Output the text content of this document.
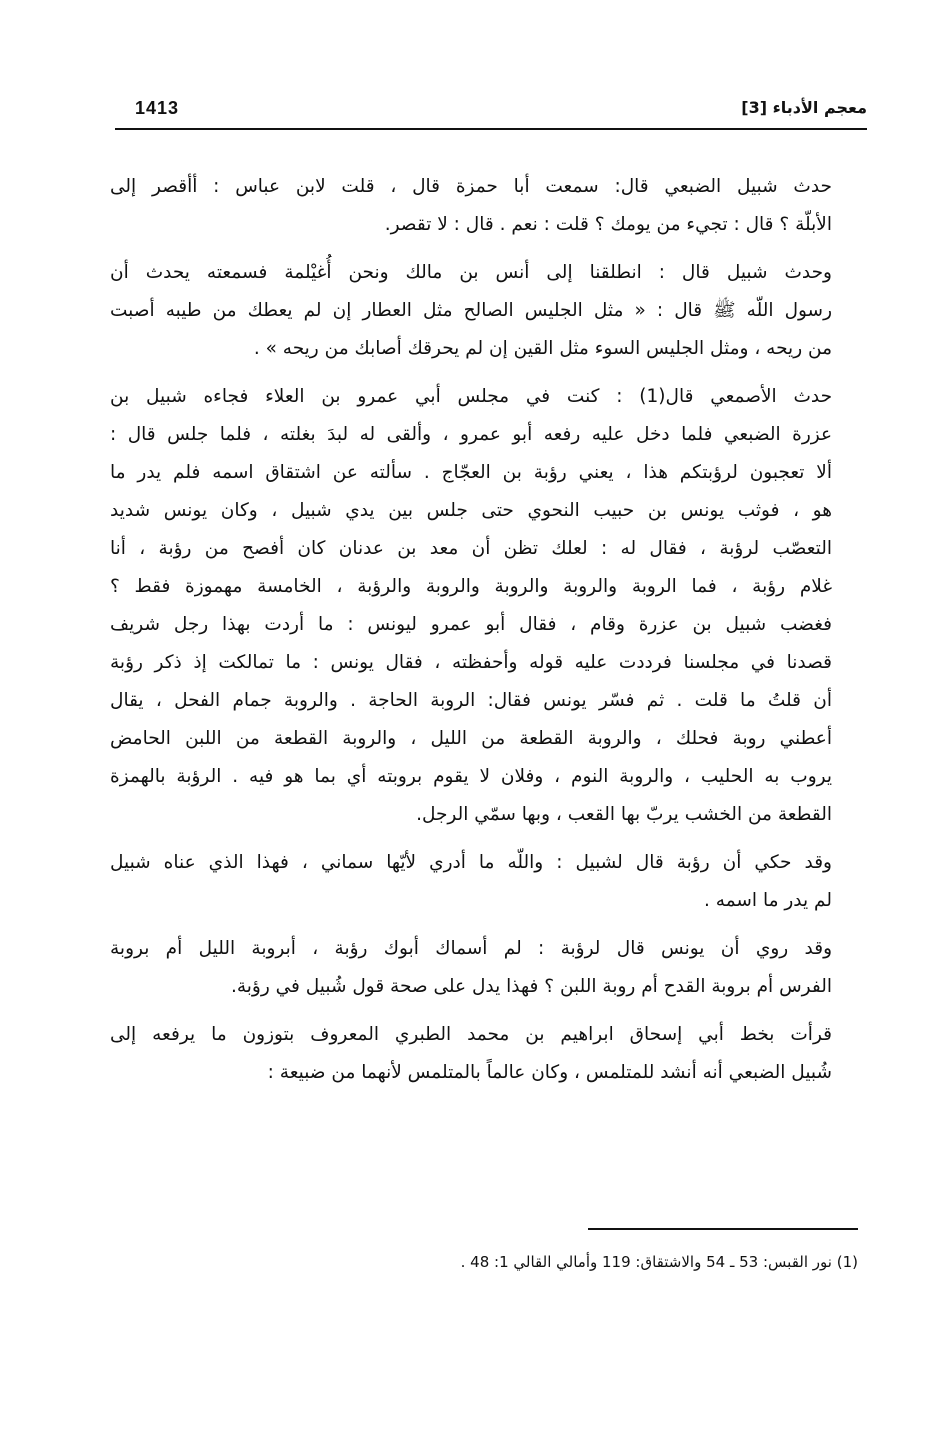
1413	معجم الأدباء [3]
حدث شبيل الضبعي قال: سمعت أبا حمزة قال ، قلت لابن عباس : أأقصر إلى
الأبلّة ؟ قال : تجيء من يومك ؟ قلت : نعم . قال : لا تقصر.
وحدث شبيل قال : انطلقنا إلى أنس بن مالك ونحن أُغيْلمة فسمعته يحدث أن
رسول اللّه ﷺ قال : « مثل الجليس الصالح مثل العطار إن لم يعطك من طيبه أصبت
من ريحه ، ومثل الجليس السوء مثل القين إن لم يحرقك أصابك من ريحه » .
حدث الأصمعي قال(1) : كنت في مجلس أبي عمرو بن العلاء فجاءه شبيل بن
عزرة الضبعي فلما دخل عليه رفعه أبو عمرو ، وألقى له لبدَ بغلته ، فلما جلس قال :
ألا تعجبون لرؤبتكم هذا ، يعني رؤبة بن العجّاج . سألته عن اشتقاق اسمه فلم يدر ما
هو ، فوثب يونس بن حبيب النحوي حتى جلس بين يدي شبيل ، وكان يونس شديد
التعصّب لرؤبة ، فقال له : لعلك تظن أن معد بن عدنان كان أفصح من رؤبة ، أنا
غلام رؤبة ، فما الروبة والروبة والروبة والروبة والرؤبة ، الخامسة مهموزة فقط ؟
فغضب شبيل بن عزرة وقام ، فقال أبو عمرو ليونس : ما أردت بهذا رجل شريف
قصدنا في مجلسنا فرددت عليه قوله وأحفظته ، فقال يونس : ما تمالكت إذ ذكر رؤبة
أن قلتُ ما قلت . ثم فسّر يونس فقال: الروبة الحاجة . والروبة جمام الفحل ، يقال
أعطني روبة فحلك ، والروبة القطعة من الليل ، والروبة القطعة من اللبن الحامض
يروب به الحليب ، والروبة النوم ، وفلان لا يقوم بروبته أي بما هو فيه . الرؤبة بالهمزة
القطعة من الخشب يربّ بها القعب ، وبها سمّي الرجل.
وقد حكي أن رؤبة قال لشبيل : واللّه ما أدري لأيّها سماني ، فهذا الذي عناه شبيل
لم يدر ما اسمه .
وقد روي أن يونس قال لرؤبة : لم أسماك أبوك رؤبة ، أبروبة الليل أم بروبة
الفرس أم بروبة القدح أم روبة اللبن ؟ فهذا يدل على صحة قول شُبيل في رؤبة.
قرأت بخط أبي إسحاق ابراهيم بن محمد الطبري المعروف بتوزون ما يرفعه إلى
شُبيل الضبعي أنه أنشد للمتلمس ، وكان عالماً بالمتلمس لأنهما من ضبيعة :
(1) نور القبس: 53 ـ 54 والاشتقاق: 119 وأمالي القالي 1: 48 .
